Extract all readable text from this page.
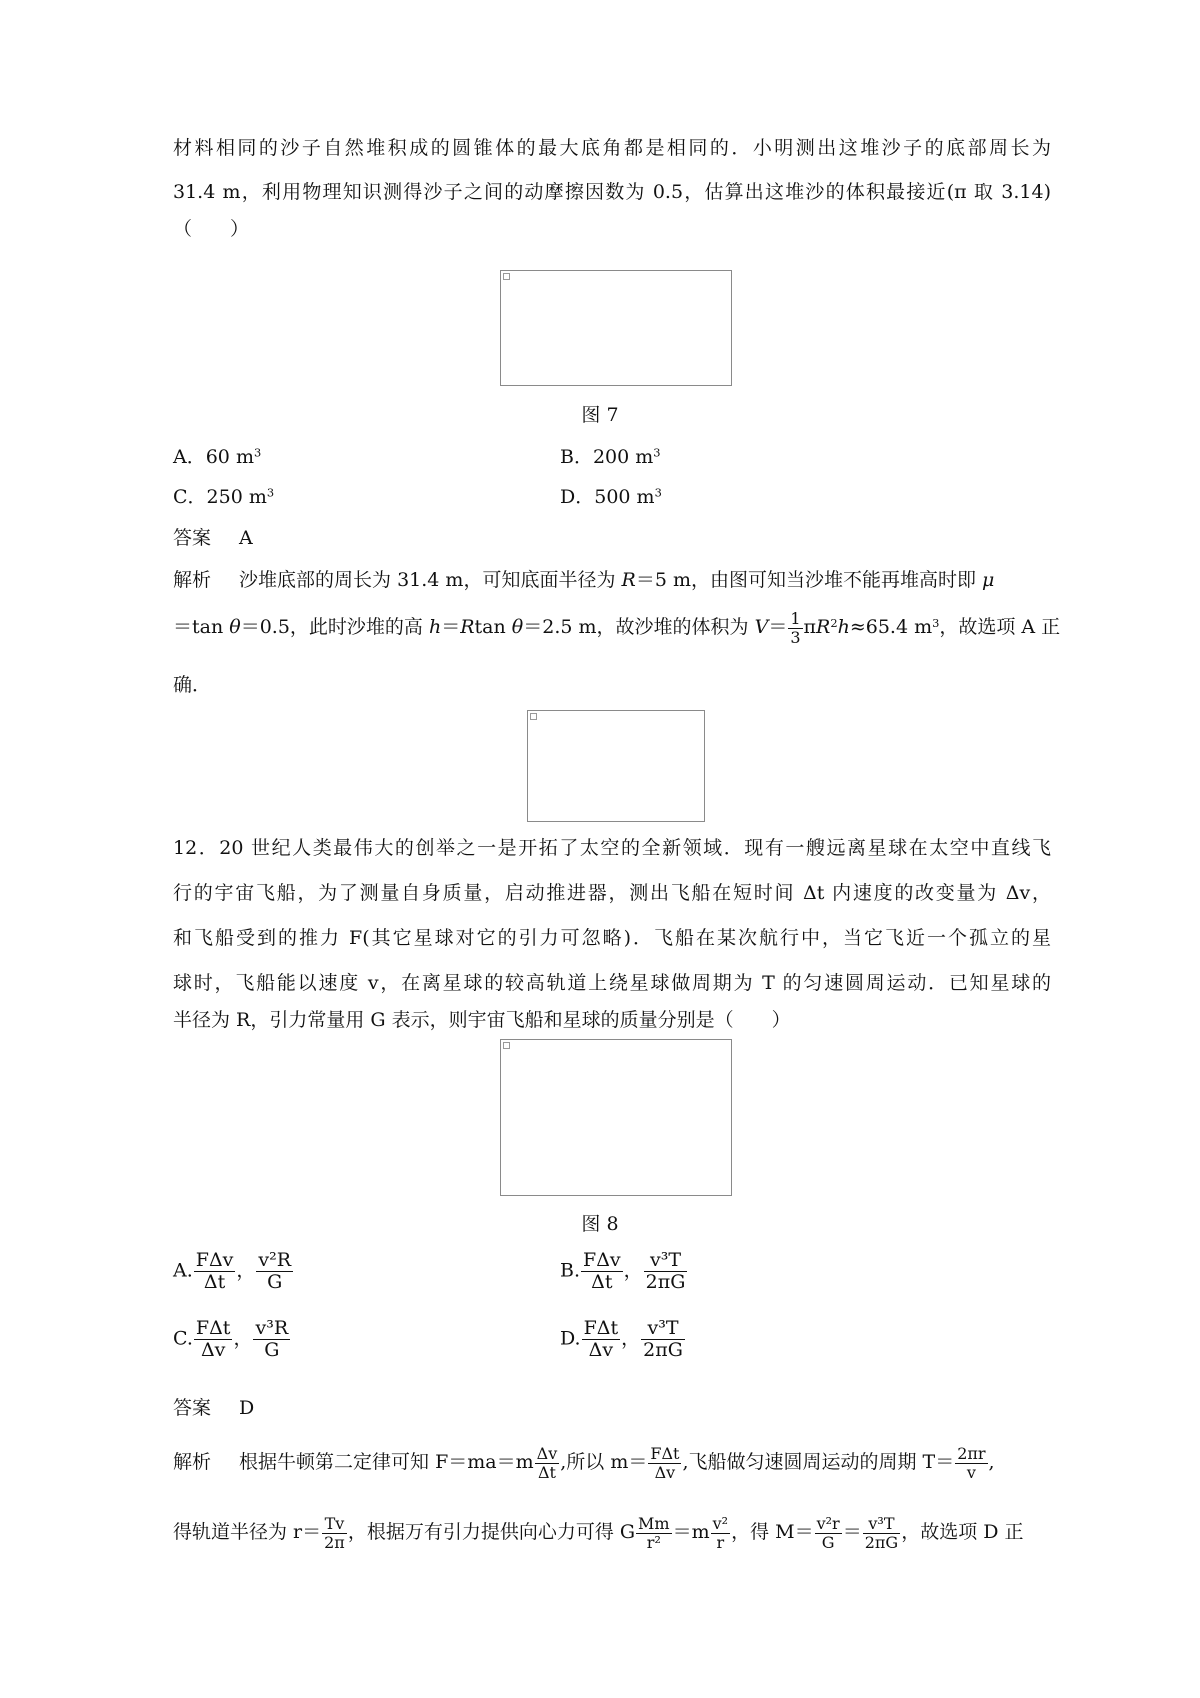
材料相同的沙子自然堆积成的圆锥体的最大底角都是相同的．小明测出这堆沙子的底部周长为
31.4 m，利用物理知识测得沙子之间的动摩擦因数为 0.5，估算出这堆沙的体积最接近(π 取 3.14)
（　　）
图 7
A．60 $m^3$	B．200 $m^3$
C．250 $m^3$	D．500 $m^3$
答案 A
解析 沙堆底部的周长为 31.4 m，可知底面半径为 R＝5 m，由图可知当沙堆不能再堆高时即 μ
＝tan θ＝0.5，此时沙堆的高 h＝Rtan θ＝2.5 m，故沙堆的体积为 $V= \frac{1}{3} \pi R^2h\approx 65.4$ $m^3$，故选项 A 正
确．
12．20 世纪人类最伟大的创举之一是开拓了太空的全新领域．现有一艘远离星球在太空中直线飞
行的宇宙飞船，为了测量自身质量，启动推进器，测出飞船在短时间 Δt 内速度的改变量为 Δv，
和飞船受到的推力 F(其它星球对它的引力可忽略)．飞船在某次航行中，当它飞近一个孤立的星
球时，飞船能以速度 v，在离星球的较高轨道上绕星球做周期为 T 的匀速圆周运动．已知星球的
半径为 R，引力常量用 G 表示，则宇宙飞船和星球的质量分别是（　　）
图 8
A. $\frac{\text{FΔv}}{\Delta t}$ ， $\frac{\text{v²R}}{G}$	B. $\frac{\text{FΔv}}{\Delta t}$ ， $\frac{\text{v³T}}{2\pi G}$
C. $\frac{\text{FΔt}}{\Delta v}$ ， $\frac{\text{v³R}}{G}$	D. $\frac{\text{FΔt}}{\Delta v}$ ， $\frac{\text{v³T}}{2\pi G}$
答案 D
解析 根据牛顿第二定律可知 $F=ma=m \frac{\Delta v}{\Delta t}$ ,所以 $m= \frac{\text{FΔt}}{\Delta v}$ ,飞船做匀速圆周运动的周期 $T= \frac{2\pi r}{v}$ ,
得轨道半径为 $r= \frac{Tv}{2\pi}$ ，根据万有引力提供向心力可得 G $\frac{Mm}{\text{r²}} =m \frac{\text{v²}}{r}$ ，得 $M= \frac{\text{v²r}}{G} = \frac{\text{v³T}}{2\pi G}$ ，故选项 D 正
